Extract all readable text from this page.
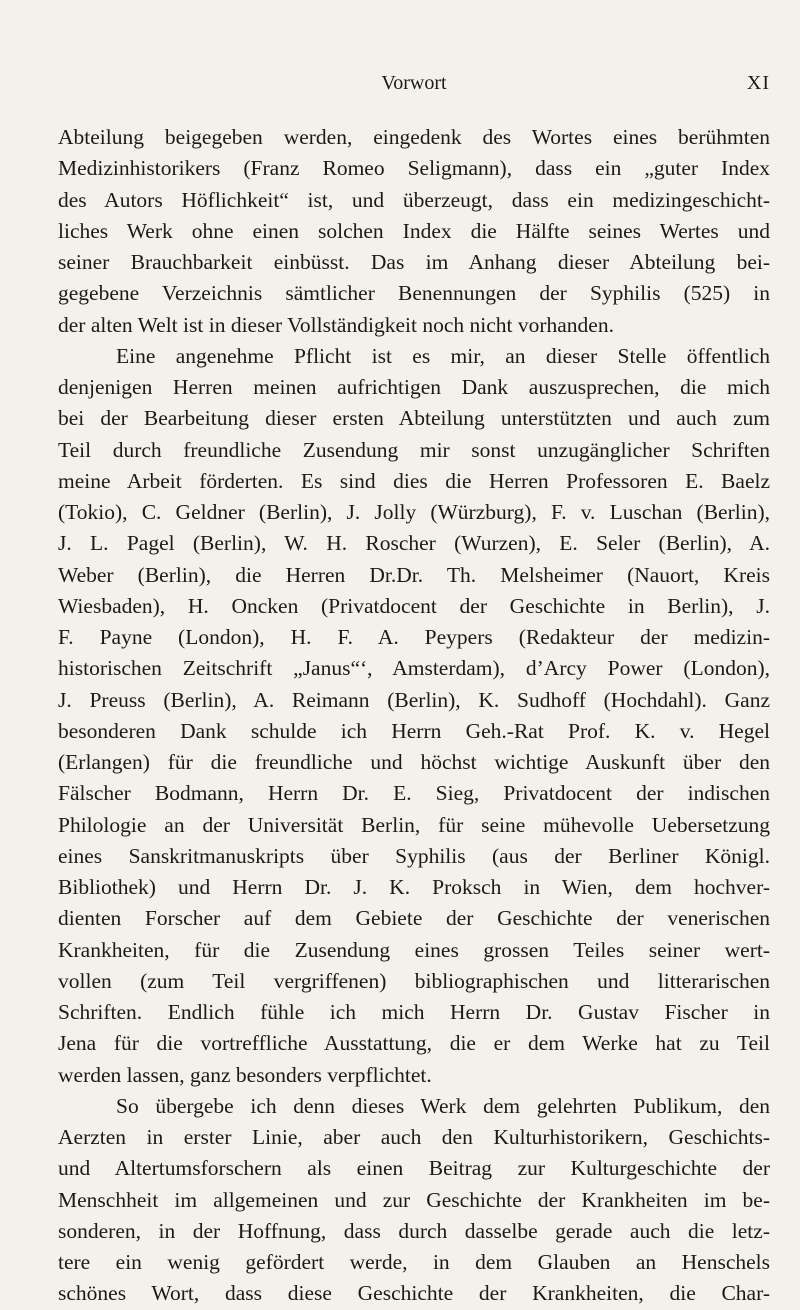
Vorwort	XI
Abteilung beigegeben werden, eingedenk des Wortes eines berühmten
Medizinhistorikers (Franz Romeo Seligmann), dass ein „guter Index
des Autors Höflichkeit“ ist, und überzeugt, dass ein medizingeschicht-
liches Werk ohne einen solchen Index die Hälfte seines Wertes und
seiner Brauchbarkeit einbüsst. Das im Anhang dieser Abteilung bei-
gegebene Verzeichnis sämtlicher Benennungen der Syphilis (525) in
der alten Welt ist in dieser Vollständigkeit noch nicht vorhanden.
Eine angenehme Pflicht ist es mir, an dieser Stelle öffentlich
denjenigen Herren meinen aufrichtigen Dank auszusprechen, die mich
bei der Bearbeitung dieser ersten Abteilung unterstützten und auch zum
Teil durch freundliche Zusendung mir sonst unzugänglicher Schriften
meine Arbeit förderten. Es sind dies die Herren Professoren E. Baelz
(Tokio), C. Geldner (Berlin), J. Jolly (Würzburg), F. v. Luschan (Berlin),
J. L. Pagel (Berlin), W. H. Roscher (Wurzen), E. Seler (Berlin), A.
Weber (Berlin), die Herren Dr.Dr. Th. Melsheimer (Nauort, Kreis
Wiesbaden), H. Oncken (Privatdocent der Geschichte in Berlin), J.
F. Payne (London), H. F. A. Peypers (Redakteur der medizin-
historischen Zeitschrift „Janus“‘, Amsterdam), d’Arcy Power (London),
J. Preuss (Berlin), A. Reimann (Berlin), K. Sudhoff (Hochdahl). Ganz
besonderen Dank schulde ich Herrn Geh.-Rat Prof. K. v. Hegel
(Erlangen) für die freundliche und höchst wichtige Auskunft über den
Fälscher Bodmann, Herrn Dr. E. Sieg, Privatdocent der indischen
Philologie an der Universität Berlin, für seine mühevolle Uebersetzung
eines Sanskritmanuskripts über Syphilis (aus der Berliner Königl.
Bibliothek) und Herrn Dr. J. K. Proksch in Wien, dem hochver-
dienten Forscher auf dem Gebiete der Geschichte der venerischen
Krankheiten, für die Zusendung eines grossen Teiles seiner wert-
vollen (zum Teil vergriffenen) bibliographischen und litterarischen
Schriften. Endlich fühle ich mich Herrn Dr. Gustav Fischer in
Jena für die vortreffliche Ausstattung, die er dem Werke hat zu Teil
werden lassen, ganz besonders verpflichtet.
So übergebe ich denn dieses Werk dem gelehrten Publikum, den
Aerzten in erster Linie, aber auch den Kulturhistorikern, Geschichts-
und Altertumsforschern als einen Beitrag zur Kulturgeschichte der
Menschheit im allgemeinen und zur Geschichte der Krankheiten im be-
sonderen, in der Hoffnung, dass durch dasselbe gerade auch die letz-
tere ein wenig gefördert werde, in dem Glauben an Henschels
schönes Wort, dass diese Geschichte der Krankheiten, die Char-
